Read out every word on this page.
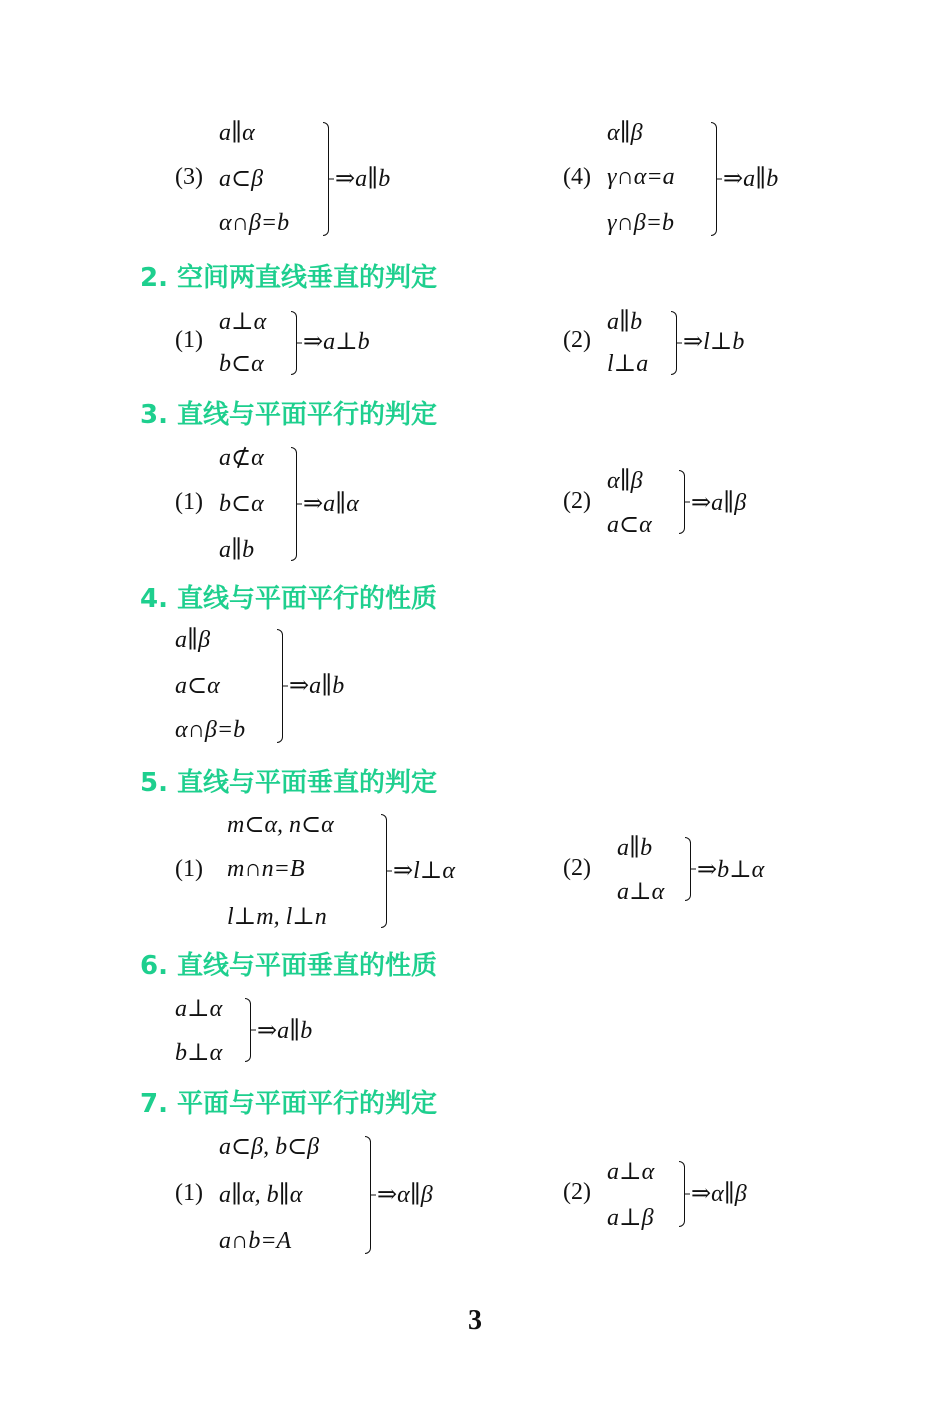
(3)
a∥α
a⊂β
α∩β=b
⇒a∥b	(4)
α∥β
γ∩α=a
γ∩β=b
⇒a∥b
2. 空间两直线垂直的判定
(1)
a⊥α
b⊂α
⇒a⊥b	(2)
a∥b
l⊥a
⇒l⊥b
3. 直线与平面平行的判定
(1)
a⊄α
b⊂α
a∥b
⇒a∥α	(2)
α∥β
a⊂α
⇒a∥β
4. 直线与平面平行的性质
a∥β
a⊂α
α∩β=b
⇒a∥b
5. 直线与平面垂直的判定
(1)
m⊂α, n⊂α
m∩n=B
l⊥m, l⊥n
⇒l⊥α	(2)
a∥b
a⊥α
⇒b⊥α
6. 直线与平面垂直的性质
a⊥α
b⊥α
⇒a∥b
7. 平面与平面平行的判定
(1)
a⊂β, b⊂β
a∥α, b∥α
a∩b=A
⇒α∥β	(2)
a⊥α
a⊥β
⇒α∥β
3
